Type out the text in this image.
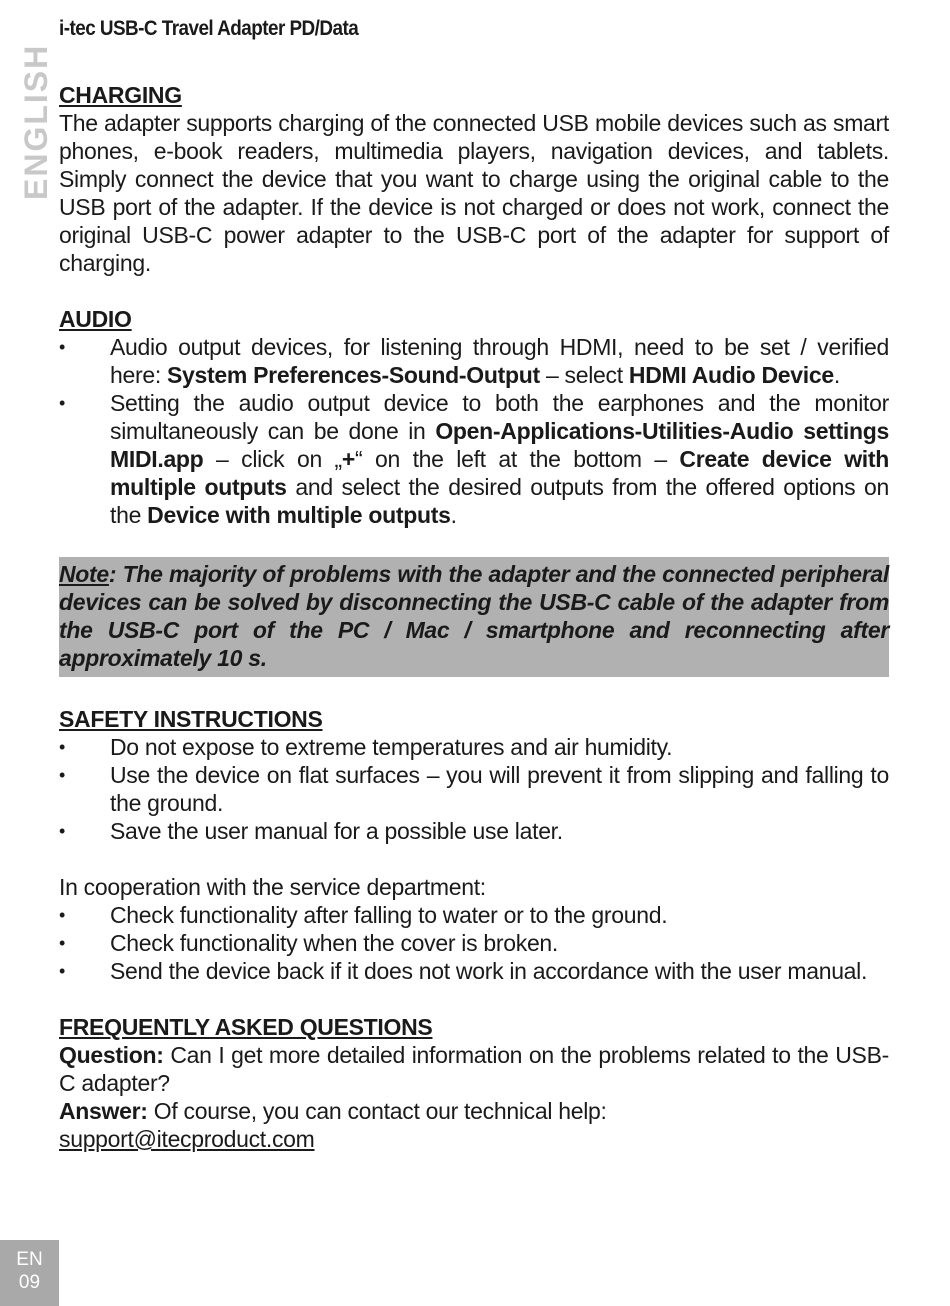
i-tec USB-C Travel Adapter PD/Data
ENGLISH CHARGING

The adapter supports charging of the connected USB mobile devices such as smart phones, e-book readers, multimedia players, navigation devices, and tablets. Simply connect the device that you want to charge using the original cable to the USB port of the adapter. If the device is not charged or does not work, connect the original USB-C power adapter to the USB-C port of the adapter for support of charging.

AUDIO
•	Audio output devices, for listening through HDMI, need to be set / verified here: System Preferences-Sound-Output – select HDMI Audio Device.
•	Setting the audio output device to both the earphones and the monitor simultaneously can be done in Open-Applications-Utilities-Audio settings MIDI.app – click on „+“ on the left at the bottom – Create device with multiple outputs and select the desired outputs from the offered options on the Device with multiple outputs.
Note: The majority of problems with the adapter and the connected peripheral devices can be solved by disconnecting the USB-C cable of the adapter from the USB-C port of the PC / Mac / smartphone and reconnecting after approximately 10 s.
SAFETY INSTRUCTIONS
•	Do not expose to extreme temperatures and air humidity.
•	Use the device on flat surfaces – you will prevent it from slipping and falling to the ground.
•	Save the user manual for a possible use later.

In cooperation with the service department:

•	Check functionality after falling to water or to the ground.
•	Check functionality when the cover is broken.
•	Send the device back if it does not work in accordance with the user manual.
FREQUENTLY ASKED QUESTIONS

Question: Can I get more detailed information on the problems related to the USB-C adapter?

Answer: Of course, you can contact our technical help:

support@itecproduct.com

EN
09
